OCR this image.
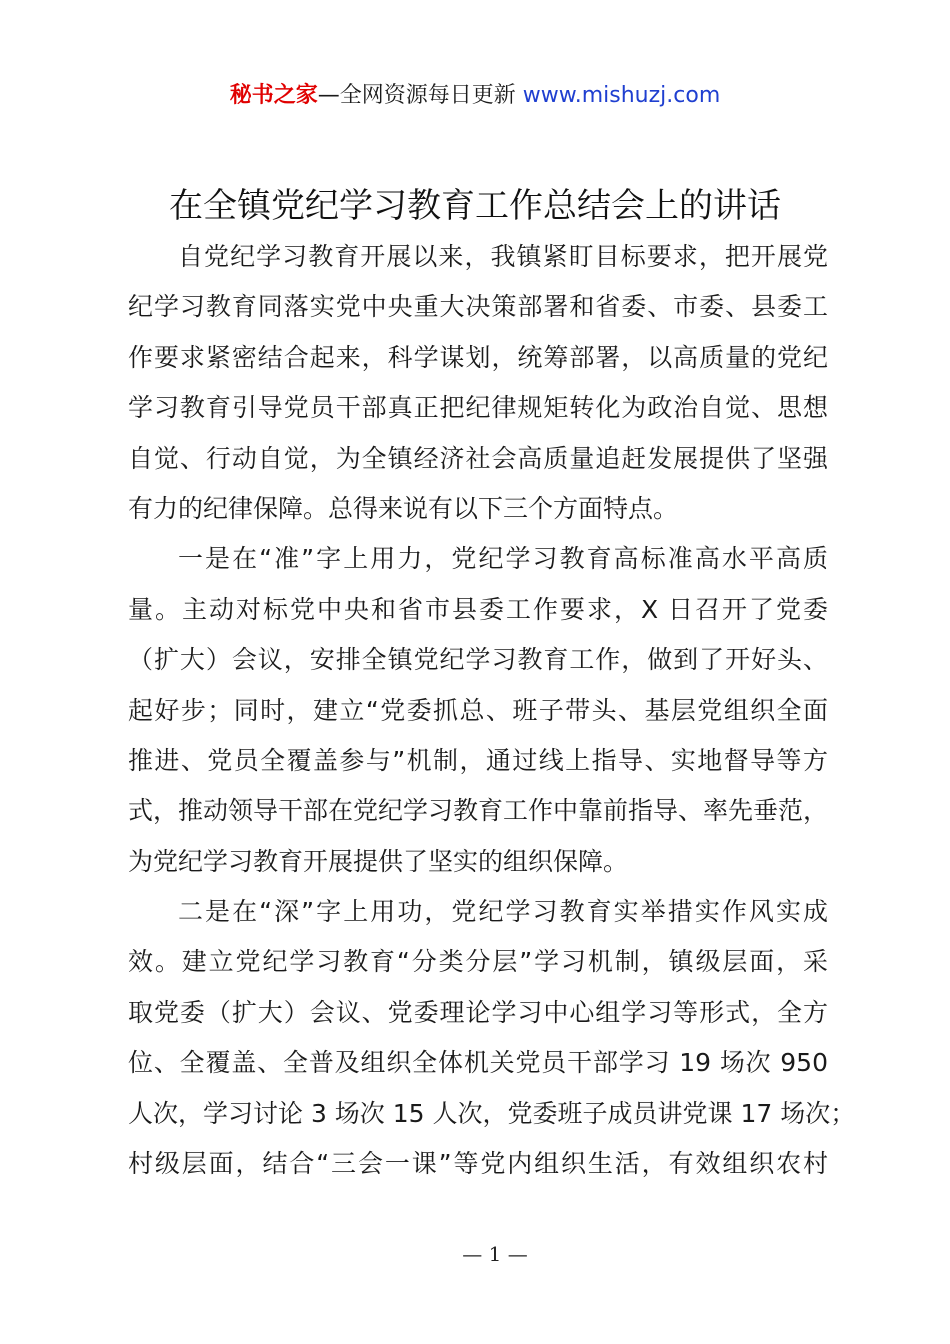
秘书之家—全网资源每日更新 www.mishuzj.com
在全镇党纪学习教育工作总结会上的讲话
自党纪学习教育开展以来，我镇紧盯目标要求，把开展党
纪学习教育同落实党中央重大决策部署和省委、市委、县委工
作要求紧密结合起来，科学谋划，统筹部署，以高质量的党纪
学习教育引导党员干部真正把纪律规矩转化为政治自觉、思想
自觉、行动自觉，为全镇经济社会高质量追赶发展提供了坚强
有力的纪律保障。总得来说有以下三个方面特点。
一是在“准”字上用力，党纪学习教育高标准高水平高质
量。主动对标党中央和省市县委工作要求，X 日召开了党委
（扩大）会议，安排全镇党纪学习教育工作，做到了开好头、
起好步；同时，建立“党委抓总、班子带头、基层党组织全面
推进、党员全覆盖参与”机制，通过线上指导、实地督导等方
式，推动领导干部在党纪学习教育工作中靠前指导、率先垂范，
为党纪学习教育开展提供了坚实的组织保障。
二是在“深”字上用功，党纪学习教育实举措实作风实成
效。建立党纪学习教育“分类分层”学习机制，镇级层面，采
取党委（扩大）会议、党委理论学习中心组学习等形式，全方
位、全覆盖、全普及组织全体机关党员干部学习 19 场次 950
人次，学习讨论 3 场次 15 人次，党委班子成员讲党课 17 场次；
村级层面，结合“三会一课”等党内组织生活，有效组织农村
— 1 —
